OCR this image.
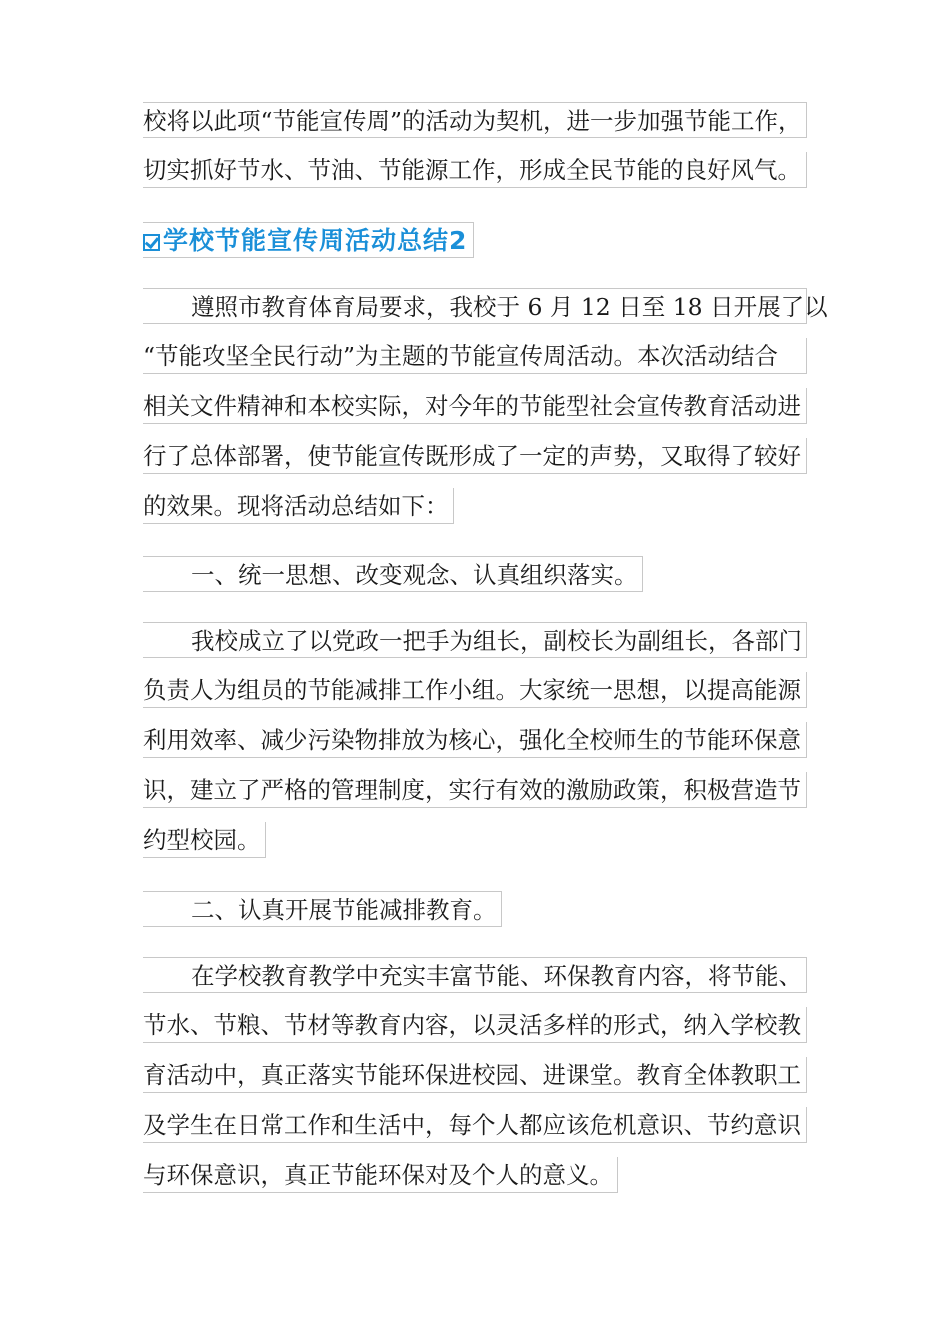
校将以此项“节能宣传周”的活动为契机，进一步加强节能工作，
切实抓好节水、节油、节能源工作，形成全民节能的良好风气。
学校节能宣传周活动总结2
遵照市教育体育局要求，我校于 6 月 12 日至 18 日开展了以
“节能攻坚全民行动”为主题的节能宣传周活动。本次活动结合
相关文件精神和本校实际，对今年的节能型社会宣传教育活动进
行了总体部署，使节能宣传既形成了一定的声势，又取得了较好
的效果。现将活动总结如下：
一、统一思想、改变观念、认真组织落实。
我校成立了以党政一把手为组长，副校长为副组长，各部门
负责人为组员的节能减排工作小组。大家统一思想，以提高能源
利用效率、减少污染物排放为核心，强化全校师生的节能环保意
识，建立了严格的管理制度，实行有效的激励政策，积极营造节
约型校园。
二、认真开展节能减排教育。
在学校教育教学中充实丰富节能、环保教育内容，将节能、
节水、节粮、节材等教育内容，以灵活多样的形式，纳入学校教
育活动中，真正落实节能环保进校园、进课堂。教育全体教职工
及学生在日常工作和生活中，每个人都应该危机意识、节约意识
与环保意识，真正节能环保对及个人的意义。
